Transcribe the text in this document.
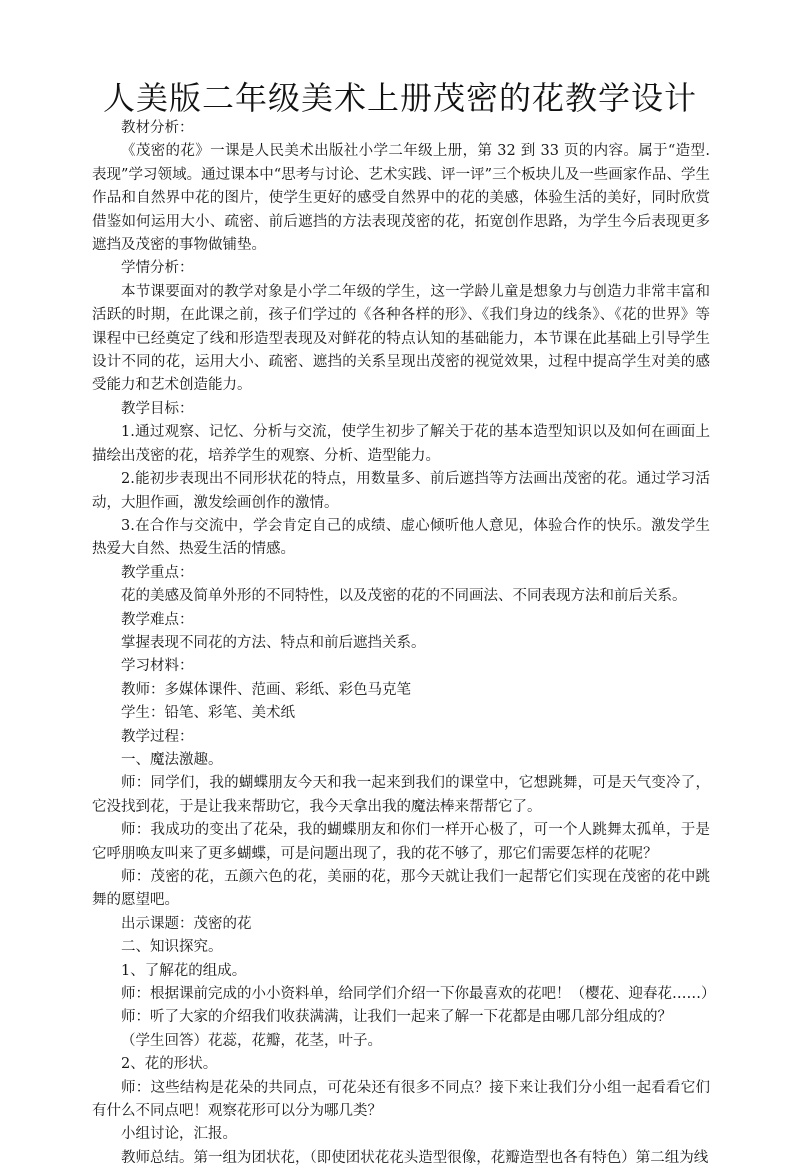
人美版二年级美术上册茂密的花教学设计

教材分析：

《茂密的花》一课是人民美术出版社小学二年级上册，第 32 到 33 页的内容。属于“造型.表现”学习领域。通过课本中“思考与讨论、艺术实践、评一评”三个板块儿及一些画家作品、学生作品和自然界中花的图片，使学生更好的感受自然界中的花的美感，体验生活的美好，同时欣赏借鉴如何运用大小、疏密、前后遮挡的方法表现茂密的花，拓宽创作思路，为学生今后表现更多遮挡及茂密的事物做铺垫。

学情分析：

本节课要面对的教学对象是小学二年级的学生，这一学龄儿童是想象力与创造力非常丰富和活跃的时期，在此课之前，孩子们学过的《各种各样的形》、《我们身边的线条》、《花的世界》等课程中已经奠定了线和形造型表现及对鲜花的特点认知的基础能力，本节课在此基础上引导学生设计不同的花，运用大小、疏密、遮挡的关系呈现出茂密的视觉效果，过程中提高学生对美的感受能力和艺术创造能力。

教学目标：

1.通过观察、记忆、分析与交流，使学生初步了解关于花的基本造型知识以及如何在画面上描绘出茂密的花，培养学生的观察、分析、造型能力。

2.能初步表现出不同形状花的特点，用数量多、前后遮挡等方法画出茂密的花。通过学习活动，大胆作画，激发绘画创作的激情。

3.在合作与交流中，学会肯定自己的成绩、虚心倾听他人意见，体验合作的快乐。激发学生热爱大自然、热爱生活的情感。

教学重点：

花的美感及简单外形的不同特性，以及茂密的花的不同画法、不同表现方法和前后关系。

教学难点：

掌握表现不同花的方法、特点和前后遮挡关系。

学习材料：

教师：多媒体课件、范画、彩纸、彩色马克笔

学生：铅笔、彩笔、美术纸

教学过程：

一、魔法激趣。

师：同学们，我的蝴蝶朋友今天和我一起来到我们的课堂中，它想跳舞，可是天气变冷了，它没找到花，于是让我来帮助它，我今天拿出我的魔法棒来帮帮它了。

师：我成功的变出了花朵，我的蝴蝶朋友和你们一样开心极了，可一个人跳舞太孤单，于是它呼朋唤友叫来了更多蝴蝶，可是问题出现了，我的花不够了，那它们需要怎样的花呢？

师：茂密的花，五颜六色的花，美丽的花，那今天就让我们一起帮它们实现在茂密的花中跳舞的愿望吧。

出示课题：茂密的花

二、知识探究。

1、了解花的组成。

师：根据课前完成的小小资料单，给同学们介绍一下你最喜欢的花吧！（樱花、迎春花……）

师：听了大家的介绍我们收获满满，让我们一起来了解一下花都是由哪几部分组成的？

（学生回答）花蕊，花瓣，花茎，叶子。

2、花的形状。

师：这些结构是花朵的共同点，可花朵还有很多不同点？接下来让我们分小组一起看看它们有什么不同点吧！观察花形可以分为哪几类？

小组讨论，汇报。

教师总结。第一组为团状花，（即使团状花花头造型很像，花瓣造型也各有特色）第二组为线
